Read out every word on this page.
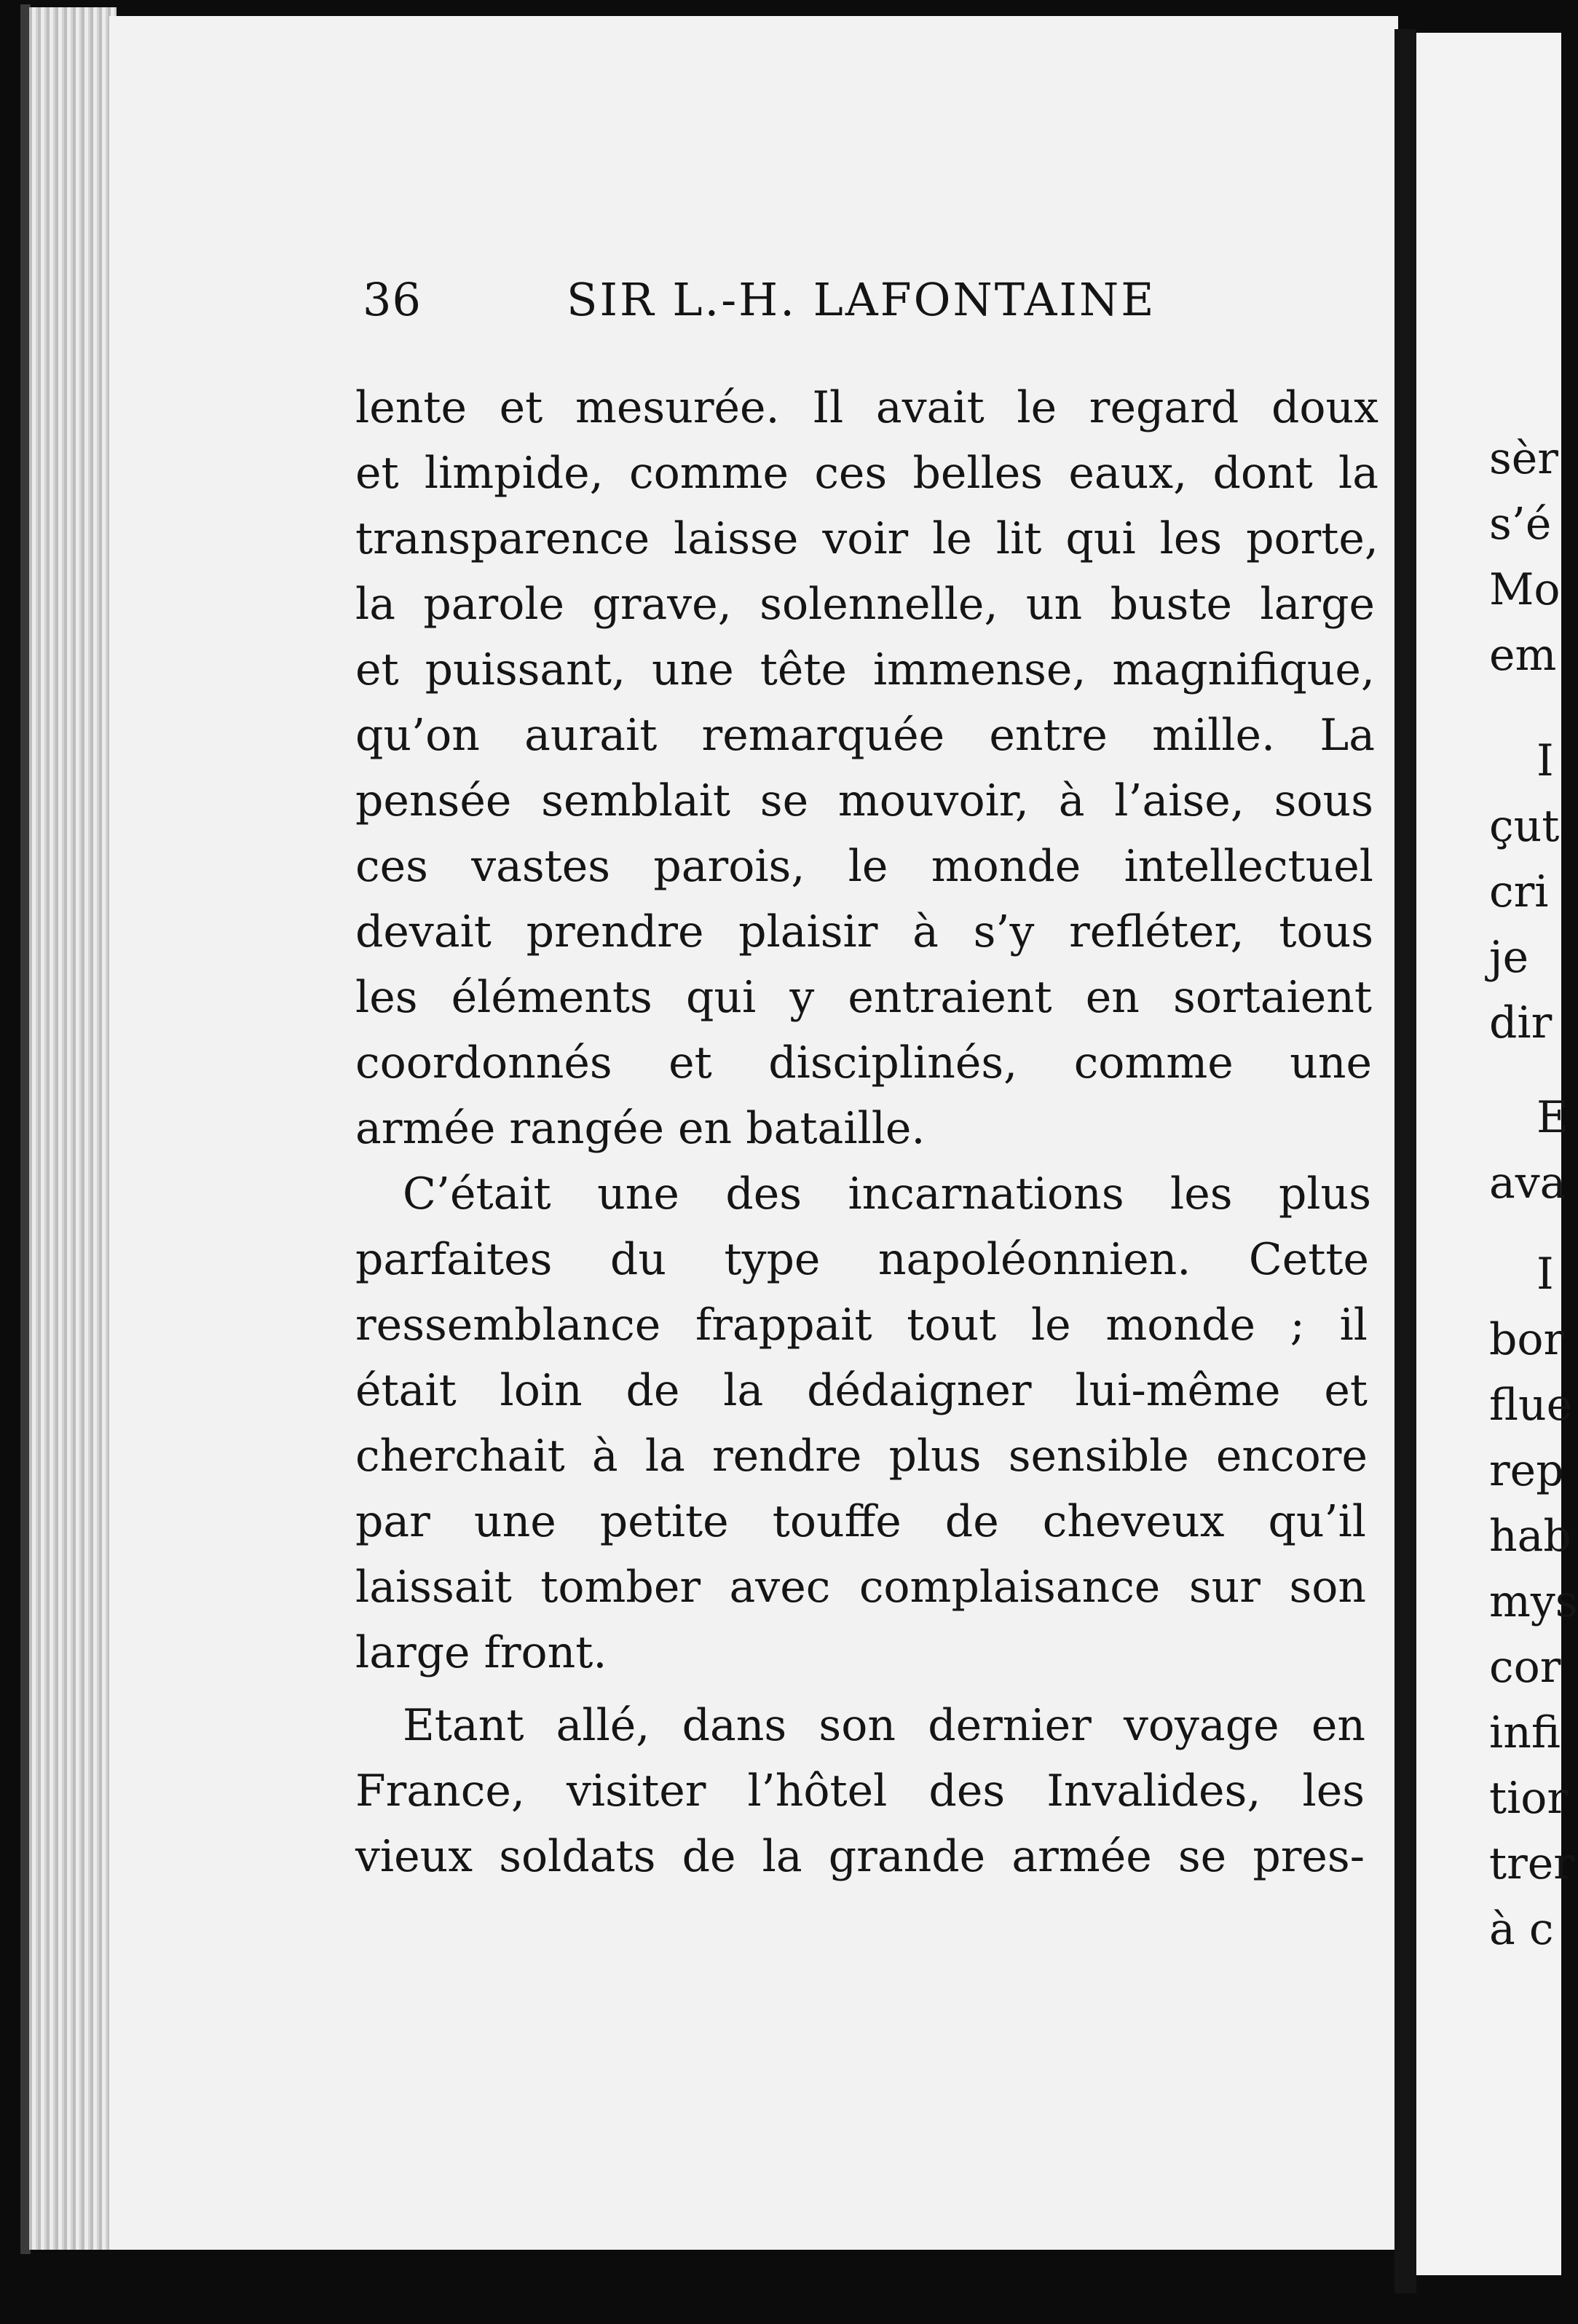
36	SIR L.-H. LAFONTAINE
lente et mesurée. Il avait le regard doux
et limpide, comme ces belles eaux, dont la
transparence laisse voir le lit qui les porte,
la parole grave, solennelle, un buste large
et puissant, une tête immense, magnifique,
qu’on aurait remarquée entre mille. La
pensée semblait se mouvoir, à l’aise, sous
ces vastes parois, le monde intellectuel
devait prendre plaisir à s’y refléter, tous
les éléments qui y entraient en sortaient
coordonnés et disciplinés, comme une
armée rangée en bataille.
C’était une des incarnations les plus
parfaites du type napoléonnien. Cette
ressemblance frappait tout le monde ; il
était loin de la dédaigner lui-même et
cherchait à la rendre plus sensible encore
par une petite touffe de cheveux qu’il
laissait tomber avec complaisance sur son
large front.
Etant allé, dans son dernier voyage en
France, visiter l’hôtel des Invalides, les
vieux soldats de la grande armée se pres-
sèr
s’é
Mo
em
I
çut
cri
je
dir
E
ava
I
bor
flue
rep
hab
mys
cor
infi
tior
trer
à c
